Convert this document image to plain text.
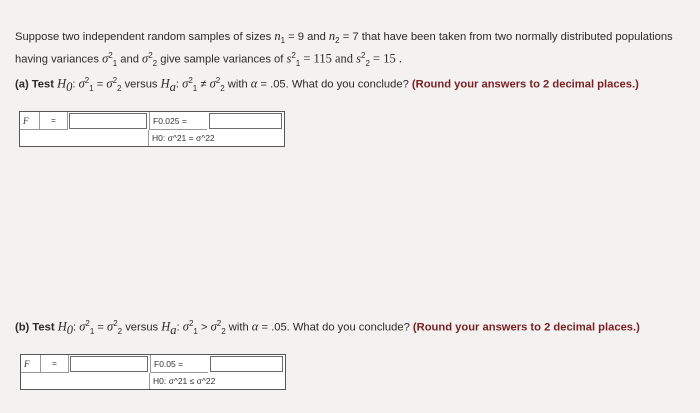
Suppose two independent random samples of sizes $n_1 = 9$ and $n_2 = 7$ that have been taken from two normally distributed populations
having variances $\sigma^2_1$ and $\sigma^2_2$ give sample variances of $s^2_1 = 115$ and $s^2_2 = 15$ .
(a) Test $H_0$: $\sigma^2_1 = \sigma^2_2$ versus $H_a$: $\sigma^2_1 \ne \sigma^2_2$ with α = .05. What do you conclude? (Round your answers to 2 decimal places.)
F	=	F0.025 =
H0: σ^21 = σ^22
(b) Test $H_0$: $\sigma^2_1 = \sigma^2_2$ versus $H_a$: $\sigma^2_1 > \sigma^2_2$ with α = .05. What do you conclude? (Round your answers to 2 decimal places.)
F	=	F0.05 =
H0: σ^21 ≤ σ^22
